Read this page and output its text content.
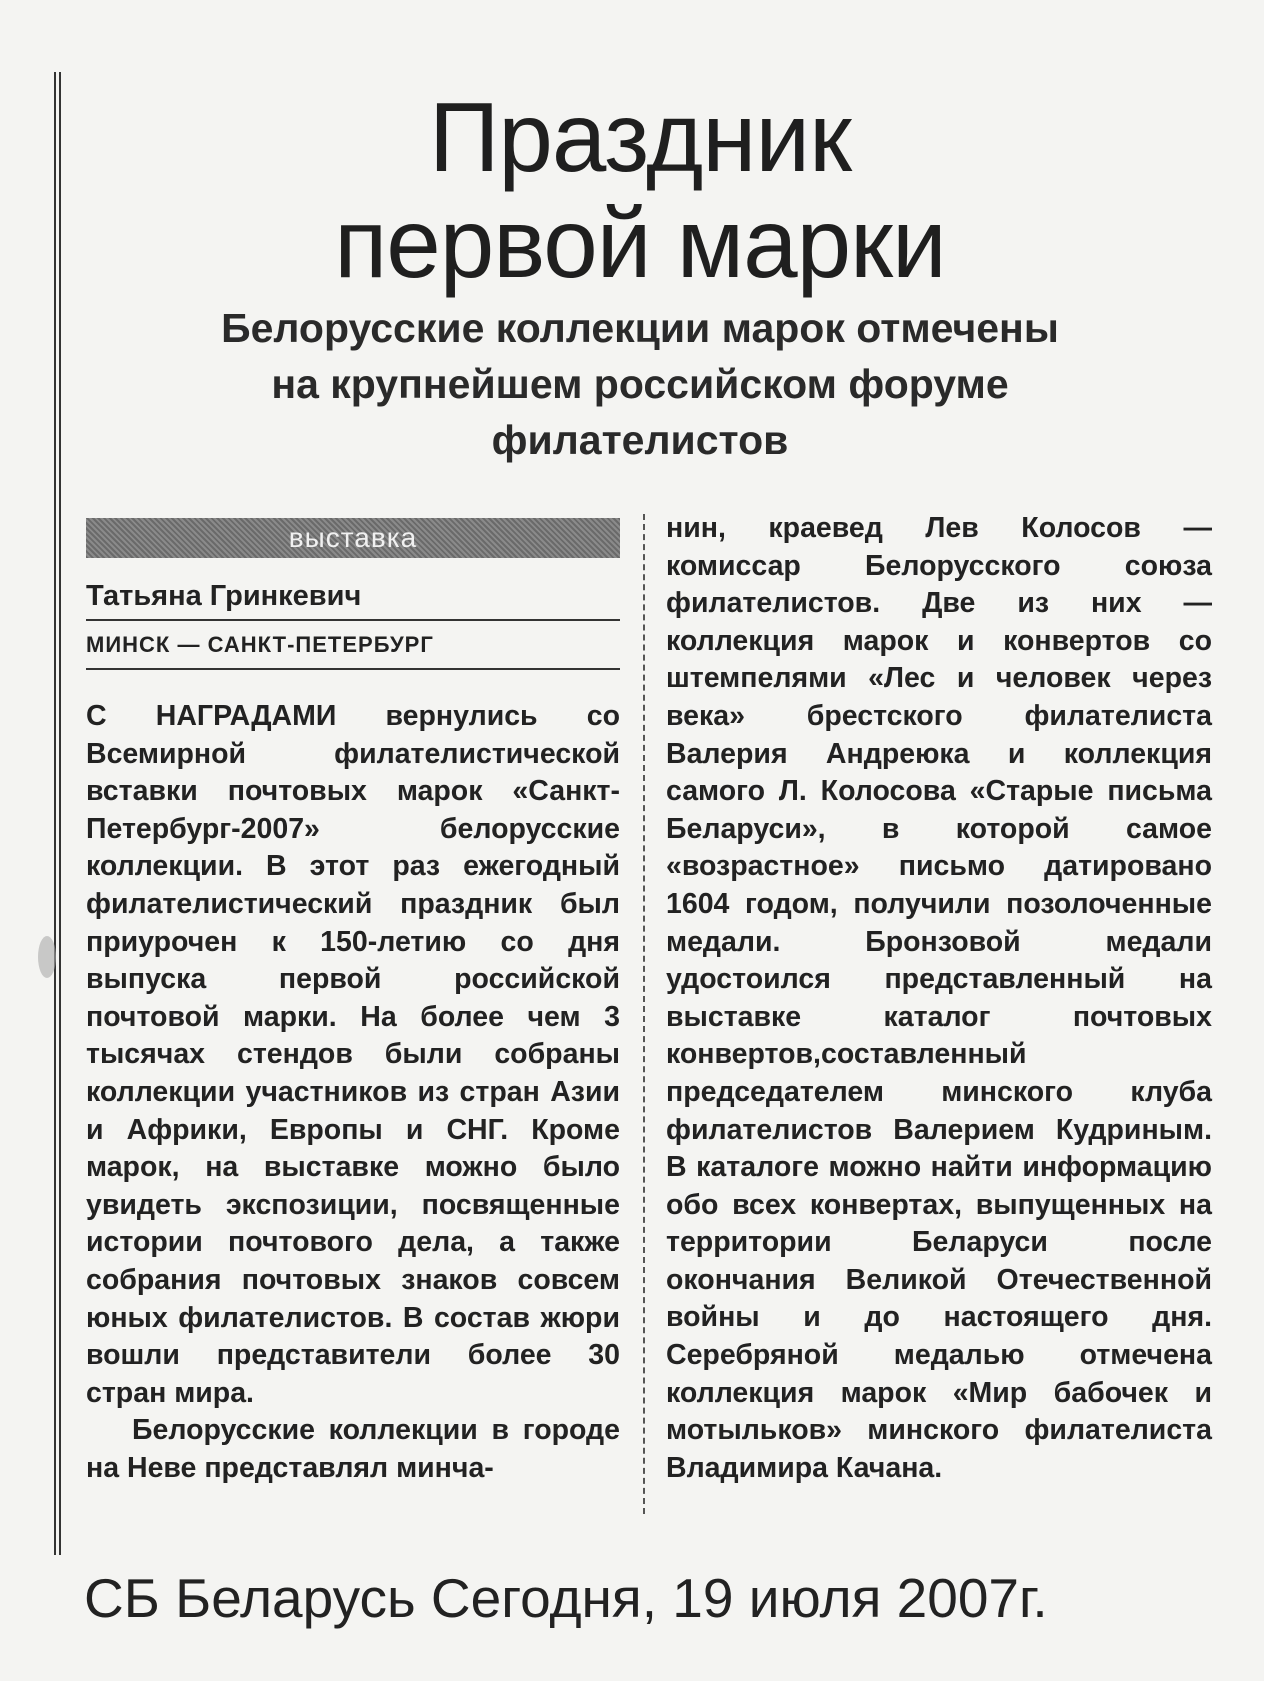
Праздник
первой марки
Белорусские коллекции марок отмечены
на крупнейшем российском форуме
филателистов
выставка
Татьяна Гринкевич
МИНСК — САНКТ-ПЕТЕРБУРГ

С НАГРАДАМИ вернулись со Всемирной филателистической вставки почтовых марок «Санкт-Петербург-2007» белорусские коллекции. В этот раз ежегодный филателистический праздник был приурочен к 150-летию со дня выпуска первой российской почтовой марки. На более чем 3 тысячах стендов были собраны коллекции участников из стран Азии и Африки, Европы и СНГ. Кроме марок, на выставке можно было увидеть экспозиции, посвященные истории почтового дела, а также собрания почтовых знаков совсем юных филателистов. В состав жюри вошли представители более 30 стран мира.

Белорусские коллекции в городе на Неве представлял минча-

нин, краевед Лев Колосов — комиссар Белорусского союза филателистов. Две из них — коллекция марок и конвертов со штемпелями «Лес и человек через века» брестского филателиста Валерия Андреюка и коллекция самого Л. Колосова «Старые письма Беларуси», в которой самое «возрастное» письмо датировано 1604 годом, получили позолоченные медали. Бронзовой медали удостоился представленный на выставке каталог почтовых конвертов,составленный председателем минского клуба филателистов Валерием Кудриным. В каталоге можно найти информацию обо всех конвертах, выпущенных на территории Беларуси после окончания Великой Отечественной войны и до настоящего дня. Серебряной медалью отмечена коллекция марок «Мир бабочек и мотыльков» минского филателиста Владимира Качана.

СБ Беларусь Сегодня, 19 июля 2007г.
